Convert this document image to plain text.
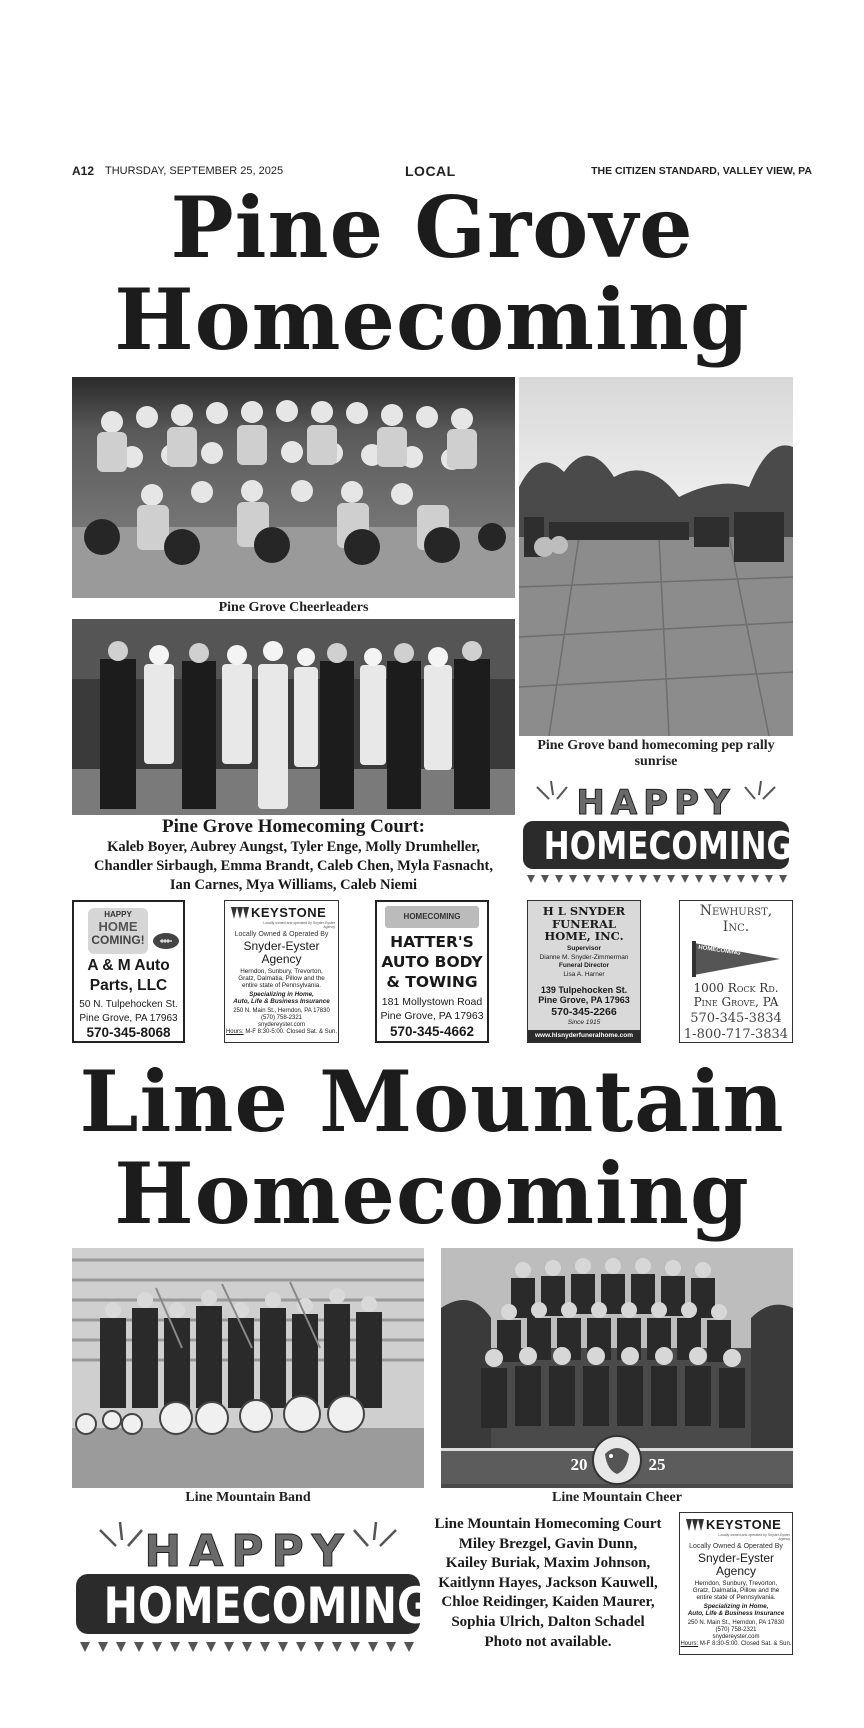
A12 THURSDAY, SEPTEMBER 25, 2025	LOCAL	THE CITIZEN STANDARD, VALLEY VIEW, PA
Pine Grove
Homecoming
Pine Grove Cheerleaders
Pine Grove band homecoming pep rally
sunrise
Pine Grove Homecoming Court:
Kaleb Boyer, Aubrey Aungst, Tyler Enge, Molly Drumheller,
Chandler Sirbaugh, Emma Brandt, Caleb Chen, Myla Fasnacht,
Ian Carnes, Mya Williams, Caleb Niemi
HAPPY
HOMECOMING
HAPPY
HOME
COMING!
A & M Auto
Parts, LLC
50 N. Tulpehocken St.
Pine Grove, PA 17963
570-345-8068
KEYSTONE
Locally owned and operated by Snyder-Eyster Agency
Locally Owned & Operated By
Snyder-Eyster
Agency
Herndon, Sunbury, Trevorton, Gratz, Dalmatia, Pillow and the entire state of Pennsylvania.
Specializing in Home,
Auto, Life & Business Insurance
250 N. Main St., Herndon, PA 17830
(570) 758-2321
snydereyster.com
Hours: M-F 8:30-5:00. Closed Sat. & Sun.
HOMECOMING
HATTER'S
AUTO BODY
& TOWING
181 Mollystown Road
Pine Grove, PA 17963
570-345-4662
H L SNYDER
FUNERAL
HOME, INC.
Supervisor
Dianne M. Snyder-Zimmerman
Funeral Director
Lisa A. Harner
139 Tulpehocken St.
Pine Grove, PA 17963
570-345-2266
Since 1915
www.hlsnyderfuneralhome.com
Newhurst,
Inc.
HOMECOMING
1000 Rock Rd.
Pine Grove, PA
570-345-3834
1-800-717-3834
Line Mountain
Homecoming
Line Mountain Band
20	25
Line Mountain Cheer
HAPPY
HOMECOMING
Line Mountain Homecoming Court
Miley Brezgel, Gavin Dunn,
Kailey Buriak, Maxim Johnson,
Kaitlynn Hayes, Jackson Kauwell,
Chloe Reidinger, Kaiden Maurer,
Sophia Ulrich, Dalton Schadel
Photo not available.
KEYSTONE
Locally owned and operated by Snyder-Eyster Agency
Locally Owned & Operated By
Snyder-Eyster
Agency
Herndon, Sunbury, Trevorton, Gratz, Dalmatia, Pillow and the entire state of Pennsylvania.
Specializing in Home,
Auto, Life & Business Insurance
250 N. Main St., Herndon, PA 17830
(570) 758-2321
snydereyster.com
Hours: M-F 8:30-5:00. Closed Sat. & Sun.
